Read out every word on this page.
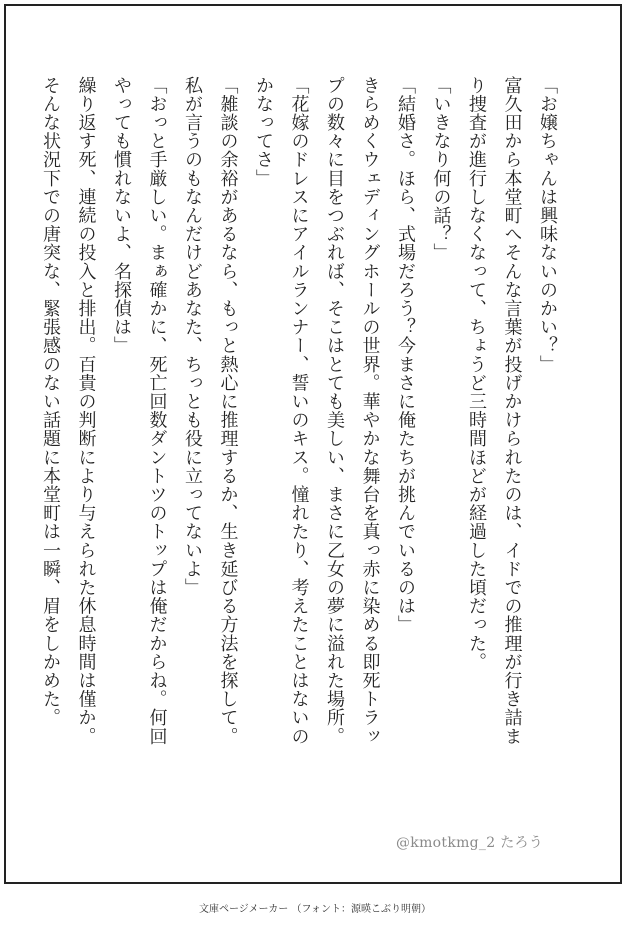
「お嬢ちゃんは興味ないのかい？」

富久田から本堂町へそんな言葉が投げかけられたのは、イドでの推理が行き詰ま

り捜査が進行しなくなって、ちょうど三時間ほどが経過した頃だった。

「いきなり何の話？」

「結婚さ。ほら、式場だろう？今まさに俺たちが挑んでいるのは」

きらめくウェディングホールの世界。華やかな舞台を真っ赤に染める即死トラッ

プの数々に目をつぶれば、そこはとても美しい、まさに乙女の夢に溢れた場所。

「花嫁のドレスにアイルランナー、誓いのキス。憧れたり、考えたことはないの

かなってさ」

「雑談の余裕があるなら、もっと熱心に推理するか、生き延びる方法を探して。

私が言うのもなんだけどあなた、ちっとも役に立ってないよ」

「おっと手厳しい。まぁ確かに、死亡回数ダントツのトップは俺だからね。何回

やっても慣れないよ、名探偵は」

繰り返す死、連続の投入と排出。百貴の判断により与えられた休息時間は僅か。

そんな状況下での唐突な、緊張感のない話題に本堂町は一瞬、眉をしかめた。

@kmotkmg_2 たろう
文庫ページメーカー （フォント：源暎こぶり明朝）
